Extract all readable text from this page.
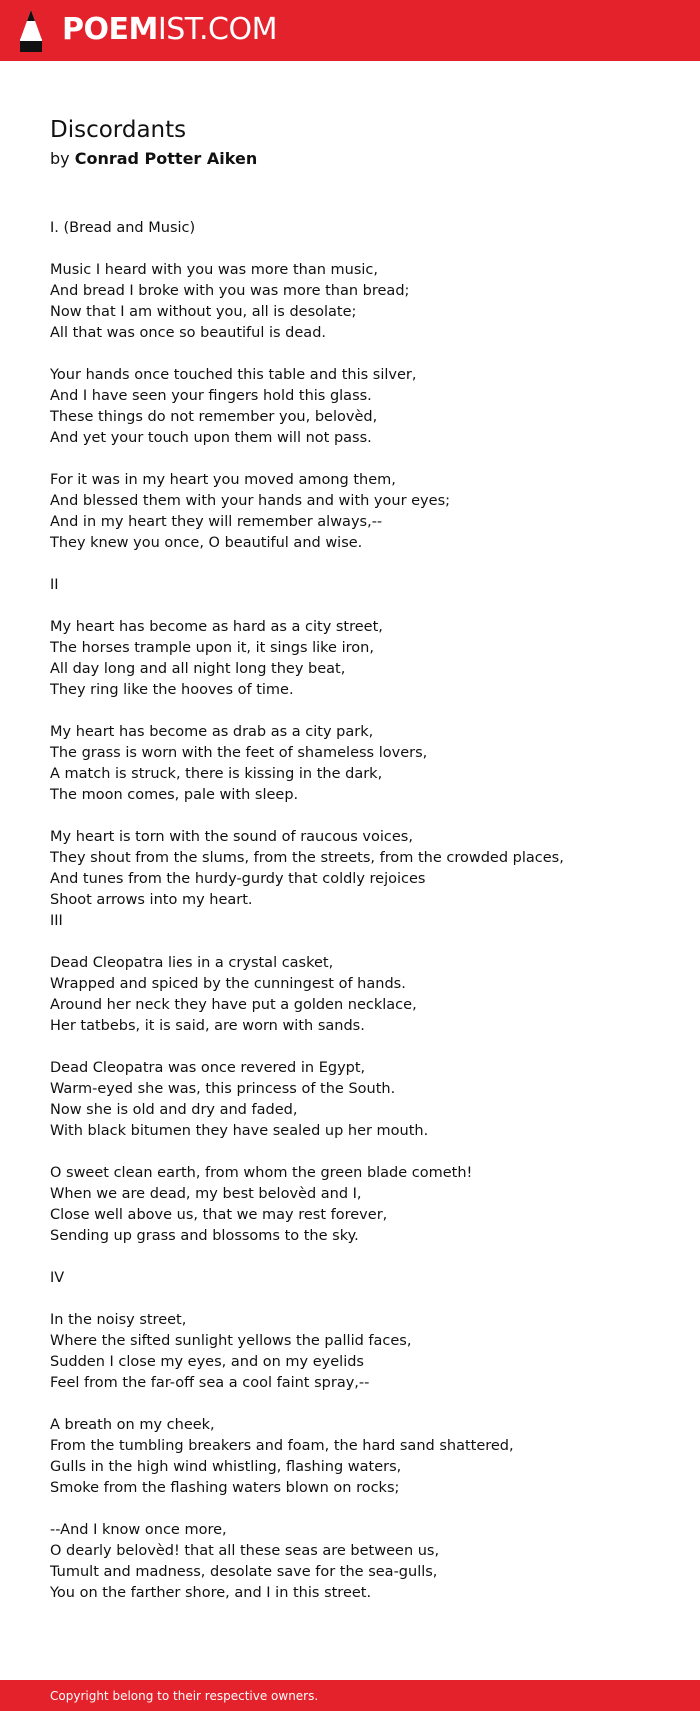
POEMIST.COM
Discordants
by Conrad Potter Aiken
I. (Bread and Music)

Music I heard with you was more than music,
And bread I broke with you was more than bread;
Now that I am without you, all is desolate;
All that was once so beautiful is dead.

Your hands once touched this table and this silver,
And I have seen your fingers hold this glass.
These things do not remember you, belovèd,
And yet your touch upon them will not pass.

For it was in my heart you moved among them,
And blessed them with your hands and with your eyes;
And in my heart they will remember always,--
They knew you once, O beautiful and wise.

II

My heart has become as hard as a city street,
The horses trample upon it, it sings like iron,
All day long and all night long they beat,
They ring like the hooves of time.

My heart has become as drab as a city park,
The grass is worn with the feet of shameless lovers,
A match is struck, there is kissing in the dark,
The moon comes, pale with sleep.

My heart is torn with the sound of raucous voices,
They shout from the slums, from the streets, from the crowded places,
And tunes from the hurdy-gurdy that coldly rejoices
Shoot arrows into my heart.
III

Dead Cleopatra lies in a crystal casket,
Wrapped and spiced by the cunningest of hands.
Around her neck they have put a golden necklace,
Her tatbebs, it is said, are worn with sands.

Dead Cleopatra was once revered in Egypt,
Warm-eyed she was, this princess of the South.
Now she is old and dry and faded,
With black bitumen they have sealed up her mouth.

O sweet clean earth, from whom the green blade cometh!
When we are dead, my best belovèd and I,
Close well above us, that we may rest forever,
Sending up grass and blossoms to the sky.

IV

In the noisy street,
Where the sifted sunlight yellows the pallid faces,
Sudden I close my eyes, and on my eyelids
Feel from the far-off sea a cool faint spray,--

A breath on my cheek,
From the tumbling breakers and foam, the hard sand shattered,
Gulls in the high wind whistling, flashing waters,
Smoke from the flashing waters blown on rocks;

--And I know once more,
O dearly belovèd! that all these seas are between us,
Tumult and madness, desolate save for the sea-gulls,
You on the farther shore, and I in this street.
Copyright belong to their respective owners.
